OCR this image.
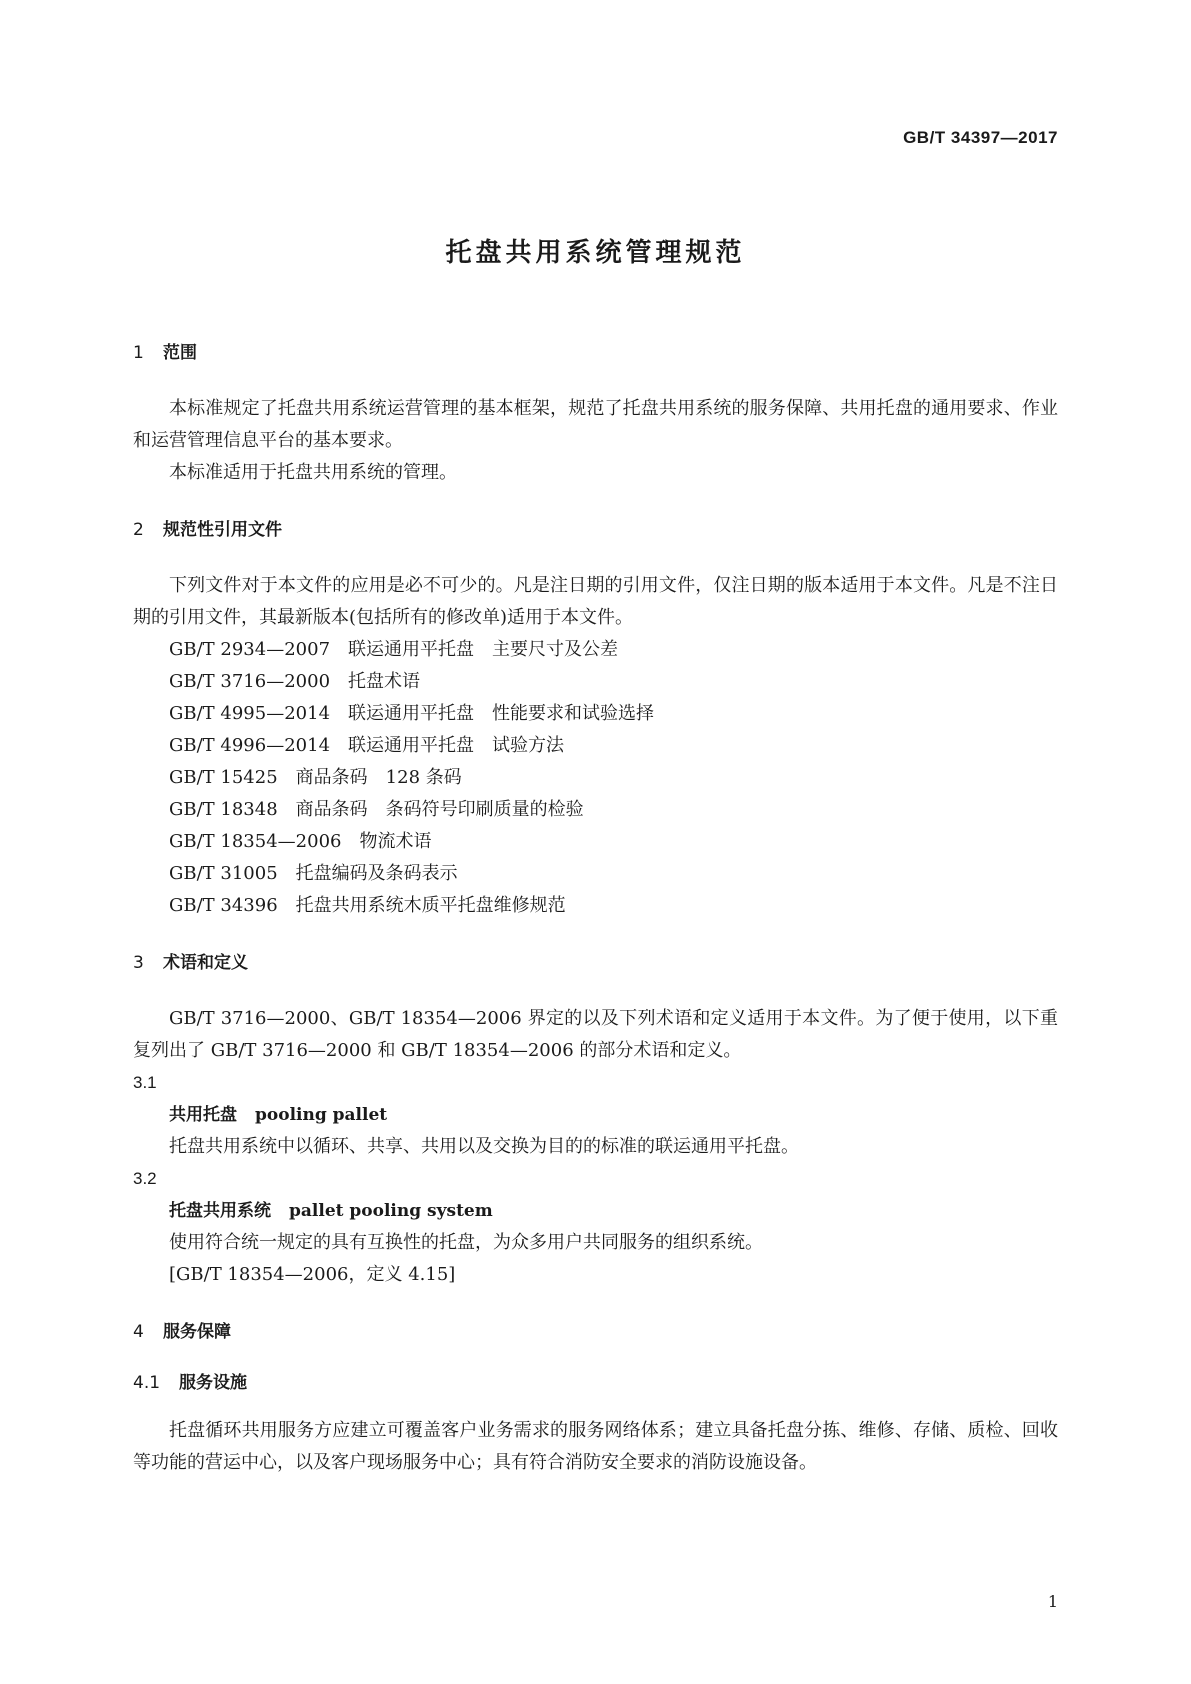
GB/T 34397—2017
托盘共用系统管理规范
1 范围
本标准规定了托盘共用系统运营管理的基本框架，规范了托盘共用系统的服务保障、共用托盘的通用要求、作业和运营管理信息平台的基本要求。
本标准适用于托盘共用系统的管理。
2 规范性引用文件
下列文件对于本文件的应用是必不可少的。凡是注日期的引用文件，仅注日期的版本适用于本文件。凡是不注日期的引用文件，其最新版本(包括所有的修改单)适用于本文件。
GB/T 2934—2007　联运通用平托盘　主要尺寸及公差
GB/T 3716—2000　托盘术语
GB/T 4995—2014　联运通用平托盘　性能要求和试验选择
GB/T 4996—2014　联运通用平托盘　试验方法
GB/T 15425　商品条码　128 条码
GB/T 18348　商品条码　条码符号印刷质量的检验
GB/T 18354—2006　物流术语
GB/T 31005　托盘编码及条码表示
GB/T 34396　托盘共用系统木质平托盘维修规范
3 术语和定义
GB/T 3716—2000、GB/T 18354—2006 界定的以及下列术语和定义适用于本文件。为了便于使用，以下重复列出了 GB/T 3716—2000 和 GB/T 18354—2006 的部分术语和定义。
3.1
共用托盘 pooling pallet
托盘共用系统中以循环、共享、共用以及交换为目的的标准的联运通用平托盘。
3.2
托盘共用系统 pallet pooling system
使用符合统一规定的具有互换性的托盘，为众多用户共同服务的组织系统。
[GB/T 18354—2006，定义 4.15]
4 服务保障
4.1 服务设施
托盘循环共用服务方应建立可覆盖客户业务需求的服务网络体系；建立具备托盘分拣、维修、存储、质检、回收等功能的营运中心，以及客户现场服务中心；具有符合消防安全要求的消防设施设备。
1
